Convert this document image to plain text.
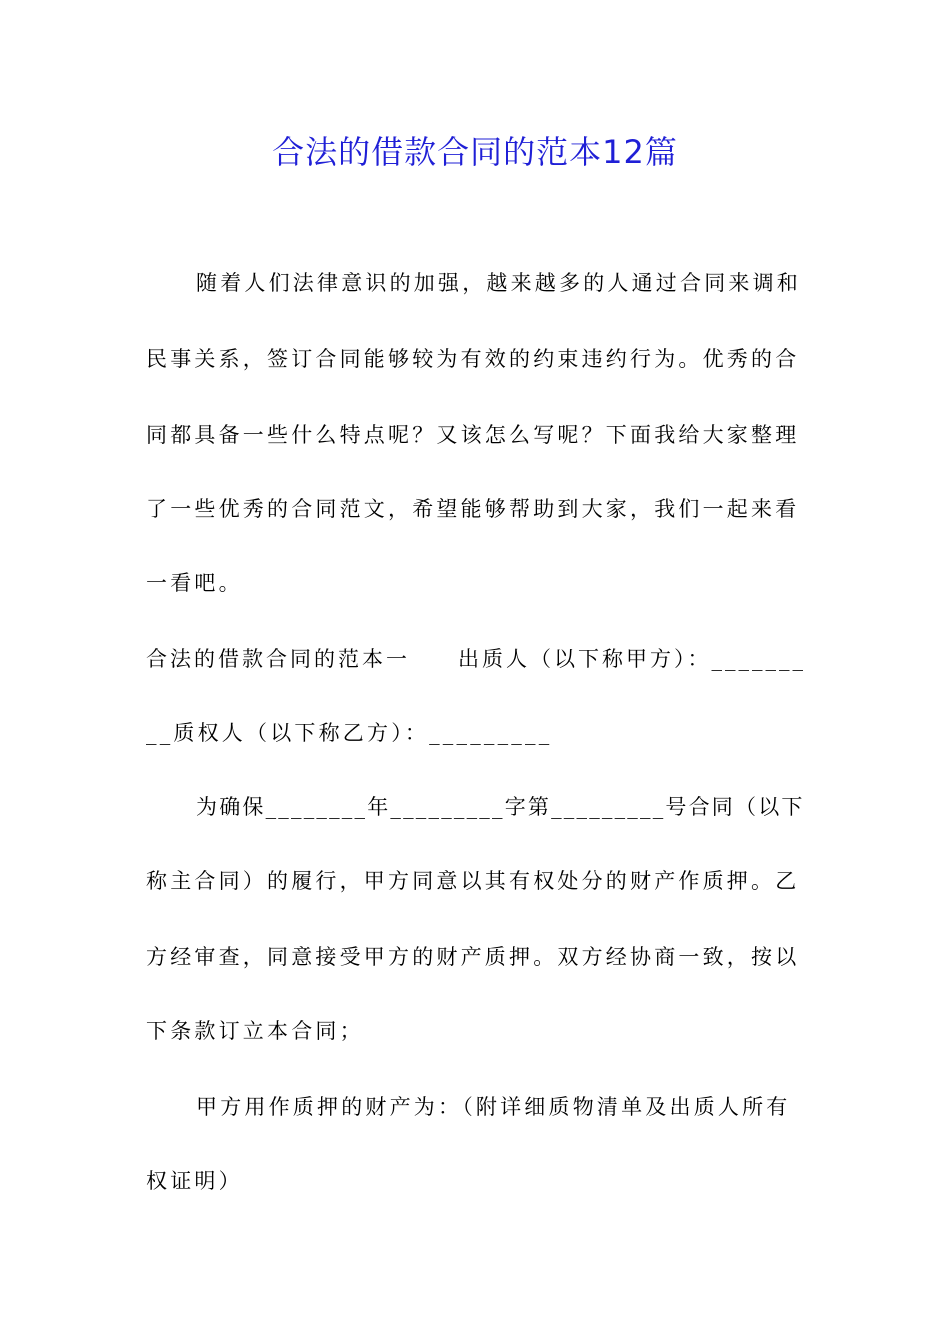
合法的借款合同的范本12篇
随着人们法律意识的加强，越来越多的人通过合同来调和
民事关系，签订合同能够较为有效的约束违约行为。优秀的合
同都具备一些什么特点呢？又该怎么写呢？下面我给大家整理
了一些优秀的合同范文，希望能够帮助到大家，我们一起来看
一看吧。
合法的借款合同的范本一　　出质人（以下称甲方）：_______
__质权人（以下称乙方）：_________
为确保________年_________字第_________号合同（以下
称主合同）的履行，甲方同意以其有权处分的财产作质押。乙
方经审查，同意接受甲方的财产质押。双方经协商一致，按以
下条款订立本合同；
甲方用作质押的财产为：（附详细质物清单及出质人所有
权证明）
